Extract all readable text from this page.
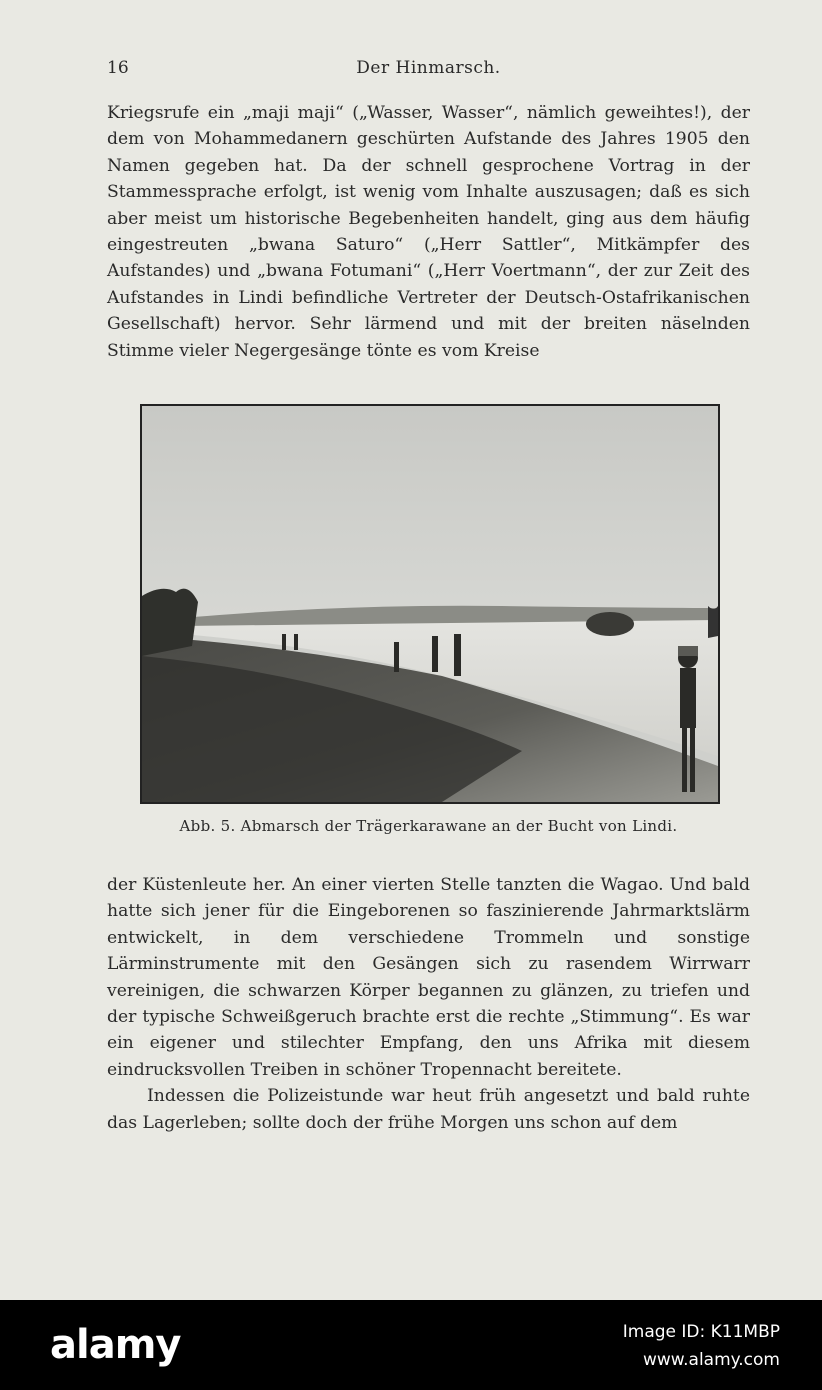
16	Der Hinmarsch.

Kriegsrufe ein „maji maji“ („Wasser, Wasser“, nämlich geweihtes!), der dem von Mohammedanern geschürten Aufstande des Jahres 1905 den Namen gegeben hat. Da der schnell gesprochene Vortrag in der Stammessprache erfolgt, ist wenig vom Inhalte auszusagen; daß es sich aber meist um historische Begebenheiten handelt, ging aus dem häufig eingestreuten „bwana Saturo“ („Herr Sattler“, Mitkämpfer des Aufstandes) und „bwana Fotumani“ („Herr Voertmann“, der zur Zeit des Aufstandes in Lindi befindliche Vertreter der Deutsch-Ostafrikanischen Gesellschaft) hervor. Sehr lärmend und mit der breiten näselnden Stimme vieler Negergesänge tönte es vom Kreise

Abb. 5. Abmarsch der Trägerkarawane an der Bucht von Lindi.

der Küstenleute her. An einer vierten Stelle tanzten die Wagao. Und bald hatte sich jener für die Eingeborenen so faszinierende Jahrmarktslärm entwickelt, in dem verschiedene Trommeln und sonstige Lärminstrumente mit den Gesängen sich zu rasendem Wirrwarr vereinigen, die schwarzen Körper begannen zu glänzen, zu triefen und der typische Schweißgeruch brachte erst die rechte „Stimmung“. Es war ein eigener und stilechter Empfang, den uns Afrika mit diesem eindrucksvollen Treiben in schöner Tropennacht bereitete.

Indessen die Polizeistunde war heut früh angesetzt und bald ruhte das Lagerleben; sollte doch der frühe Morgen uns schon auf dem

alamy	Image ID: K11MBP
www.alamy.com
